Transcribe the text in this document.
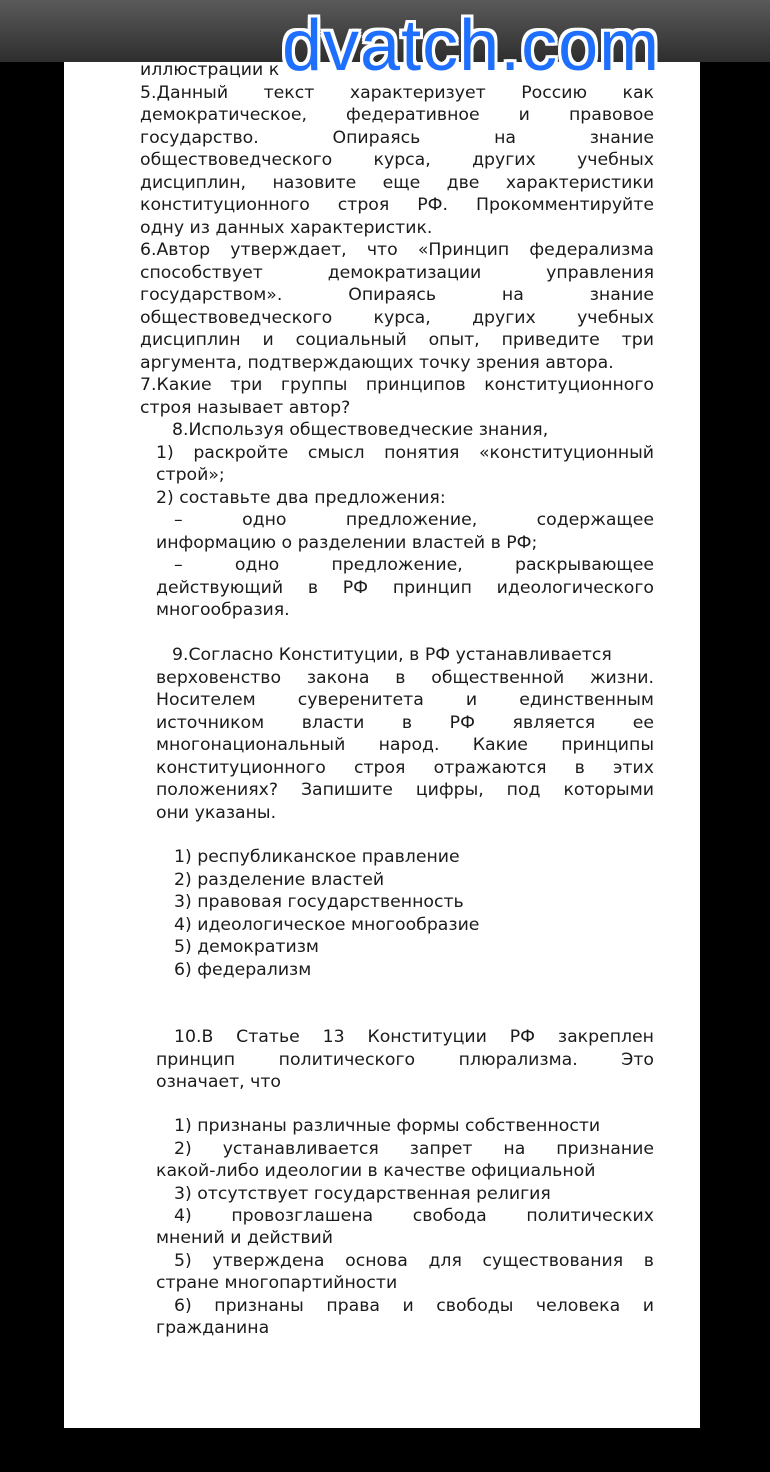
иллюстрации к
5.Данный текст характеризует Россию как
демократическое, федеративное и правовое
государство.	Опираясь	на	знание
обществоведческого курса, других учебных
дисциплин, назовите еще две характеристики
конституционного строя РФ. Прокомментируйте
одну из данных характеристик.
6.Автор утверждает, что «Принцип федерализма
способствует	демократизации	управления
государством».	Опираясь	на	знание
обществоведческого курса, других учебных
дисциплин и социальный опыт, приведите три
аргумента, подтверждающих точку зрения автора.
7.Какие три группы принципов конституционного
строя называет автор?
8.Используя обществоведческие знания,
1) раскройте смысл понятия «конституционный
строй»;
2) составьте два предложения:
–	одно	предложение,	содержащее
информацию о разделении властей в РФ;
–	одно	предложение,	раскрывающее
действующий в РФ принцип идеологического
многообразия.
9.Согласно Конституции, в РФ устанавливается
верховенство закона в общественной жизни.
Носителем суверенитета и единственным
источником власти в РФ является ее
многонациональный народ. Какие принципы
конституционного строя отражаются в этих
положениях? Запишите цифры, под которыми
они указаны.
1) республиканское правление
2) разделение властей
3) правовая государственность
4) идеологическое многообразие
5) демократизм
6) федерализм
10.В Статье 13 Конституции РФ закреплен
принцип	политического	плюрализма.	Это
означает, что
1) признаны различные формы собственности
2) устанавливается запрет на признание
какой-либо идеологии в качестве официальной
3) отсутствует государственная религия
4) провозглашена свобода политических
мнений и действий
5) утверждена основа для существования в
стране многопартийности
6) признаны права и свободы человека и
гражданина
dvatch.com
